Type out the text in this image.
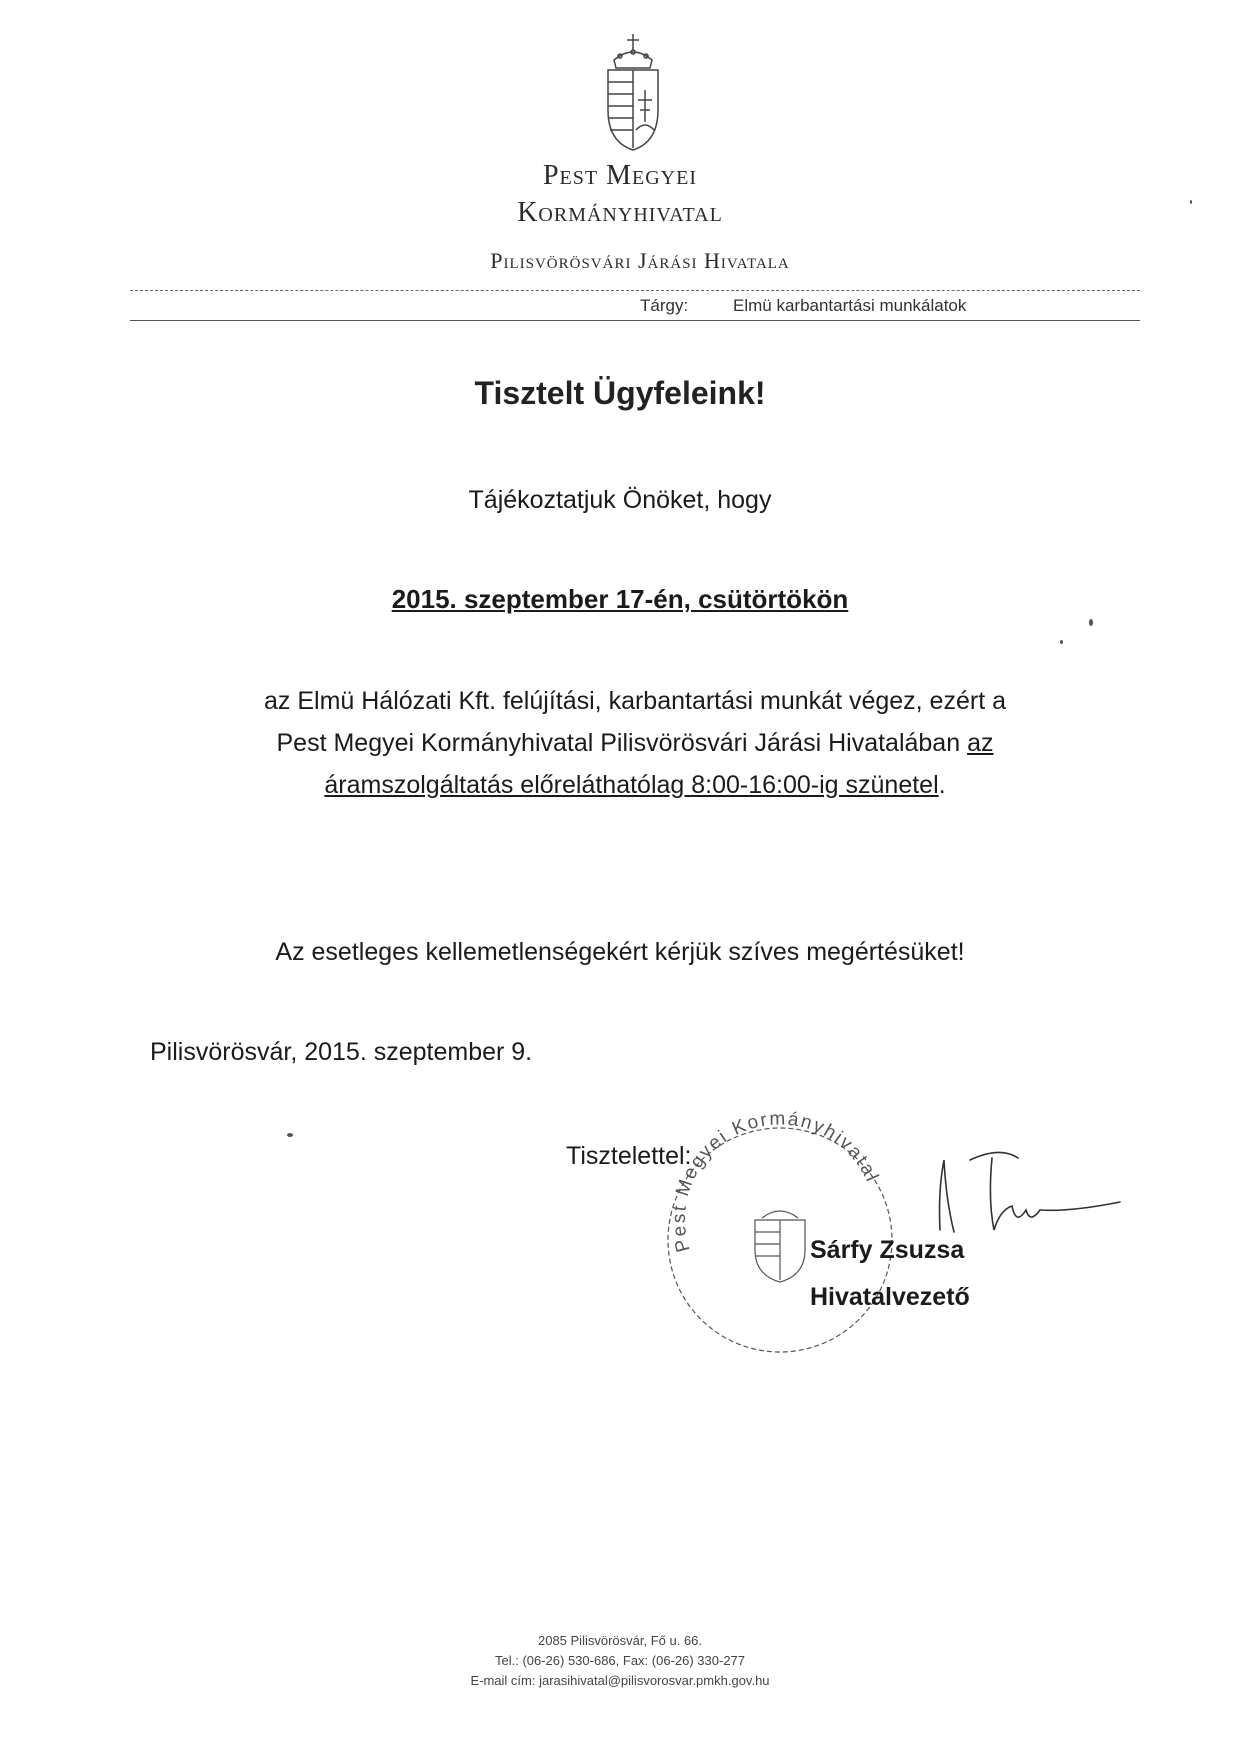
Pest Megyei
Kormányhivatal
Pilisvörösvári Járási Hivatala
Tárgy:	Elmü karbantartási munkálatok
Tisztelt Ügyfeleink!
Tájékoztatjuk Önöket, hogy
2015. szeptember 17-én, csütörtökön
az Elmü Hálózati Kft. felújítási, karbantartási munkát végez, ezért a
Pest Megyei Kormányhivatal Pilisvörösvári Járási Hivatalában az
áramszolgáltatás előreláthatólag 8:00-16:00-ig szünetel.
Az esetleges kellemetlenségekért kérjük szíves megértésüket!
Pilisvörösvár, 2015. szeptember 9.
Pest Megyei Kormányhivatal
Tisztelettel:
Sárfy Zsuzsa
Hivatalvezető
2085 Pilisvörösvár, Fő u. 66.
Tel.: (06-26) 530-686, Fax: (06-26) 330-277
E-mail cím: jarasihivatal@pilisvorosvar.pmkh.gov.hu
